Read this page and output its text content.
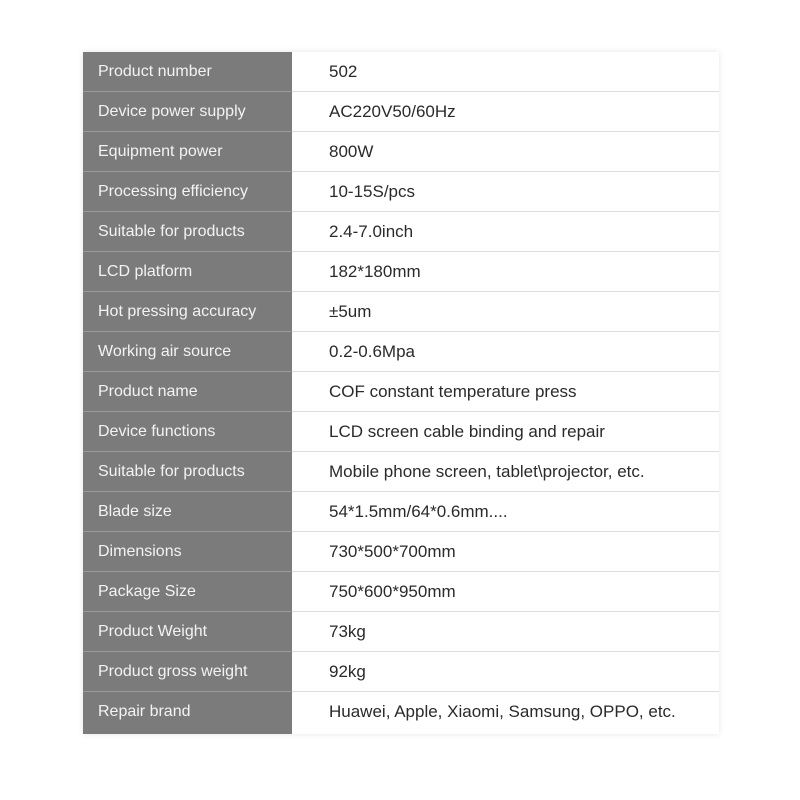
Product number	502
Device power supply	AC220V50/60Hz
Equipment power	800W
Processing efficiency	10-15S/pcs
Suitable for products	2.4-7.0inch
LCD platform	182*180mm
Hot pressing accuracy	±5um
Working air source	0.2-0.6Mpa
Product name	COF constant temperature press
Device functions	LCD screen cable binding and repair
Suitable for products	Mobile phone screen, tablet\projector, etc.
Blade size	54*1.5mm/64*0.6mm....
Dimensions	730*500*700mm
Package Size	750*600*950mm
Product Weight	73kg
Product gross weight	92kg
Repair brand	Huawei, Apple, Xiaomi, Samsung, OPPO, etc.
